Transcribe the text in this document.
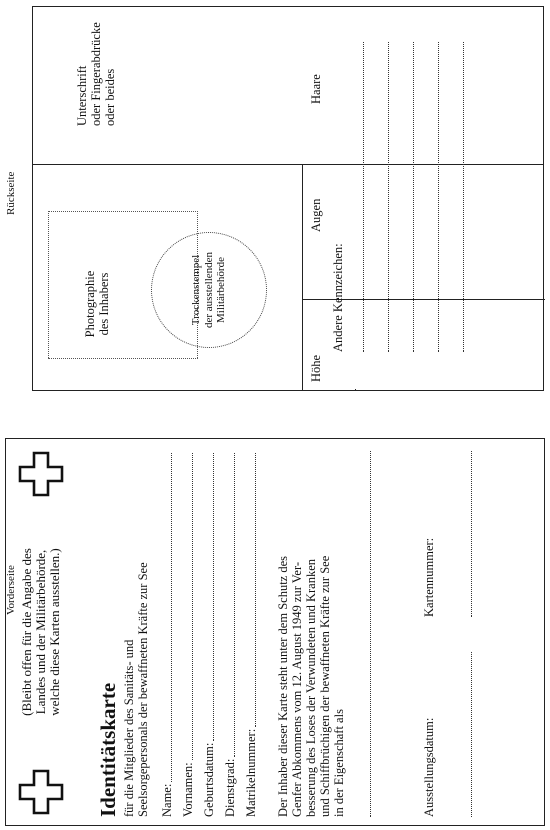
Vorderseite
Rückseite
(Bleibt offen für die Angabe des Landes und der Militärbehörde, welche diese Karten ausstellen.)
Identitätskarte für die Mitglieder des Sanitäts- und Seelsorgepersonals der bewaffneten Kräfte zur See Name: Vornamen: Geburtsdatum: Dienstgrad: Matrikelnummer: Der Inhaber dieser Karte steht unter dem Schutz des Genfer Abkommens vom 12. August 1949 zur Ver- besserung des Loses der Verwundeten und Kranken und Schiffbrüchigen der bewaffneten Kräfte zur See in der Eigenschaft als	Ausstellungsdatum:
Kartennummer:
Photographie des Inhabers	Trockenstempel der ausstellenden Militärbehörde
Unterschrift oder Fingerabdrücke oder beides
Höhe
Augen
Haare
Andere Kennzeichen:
